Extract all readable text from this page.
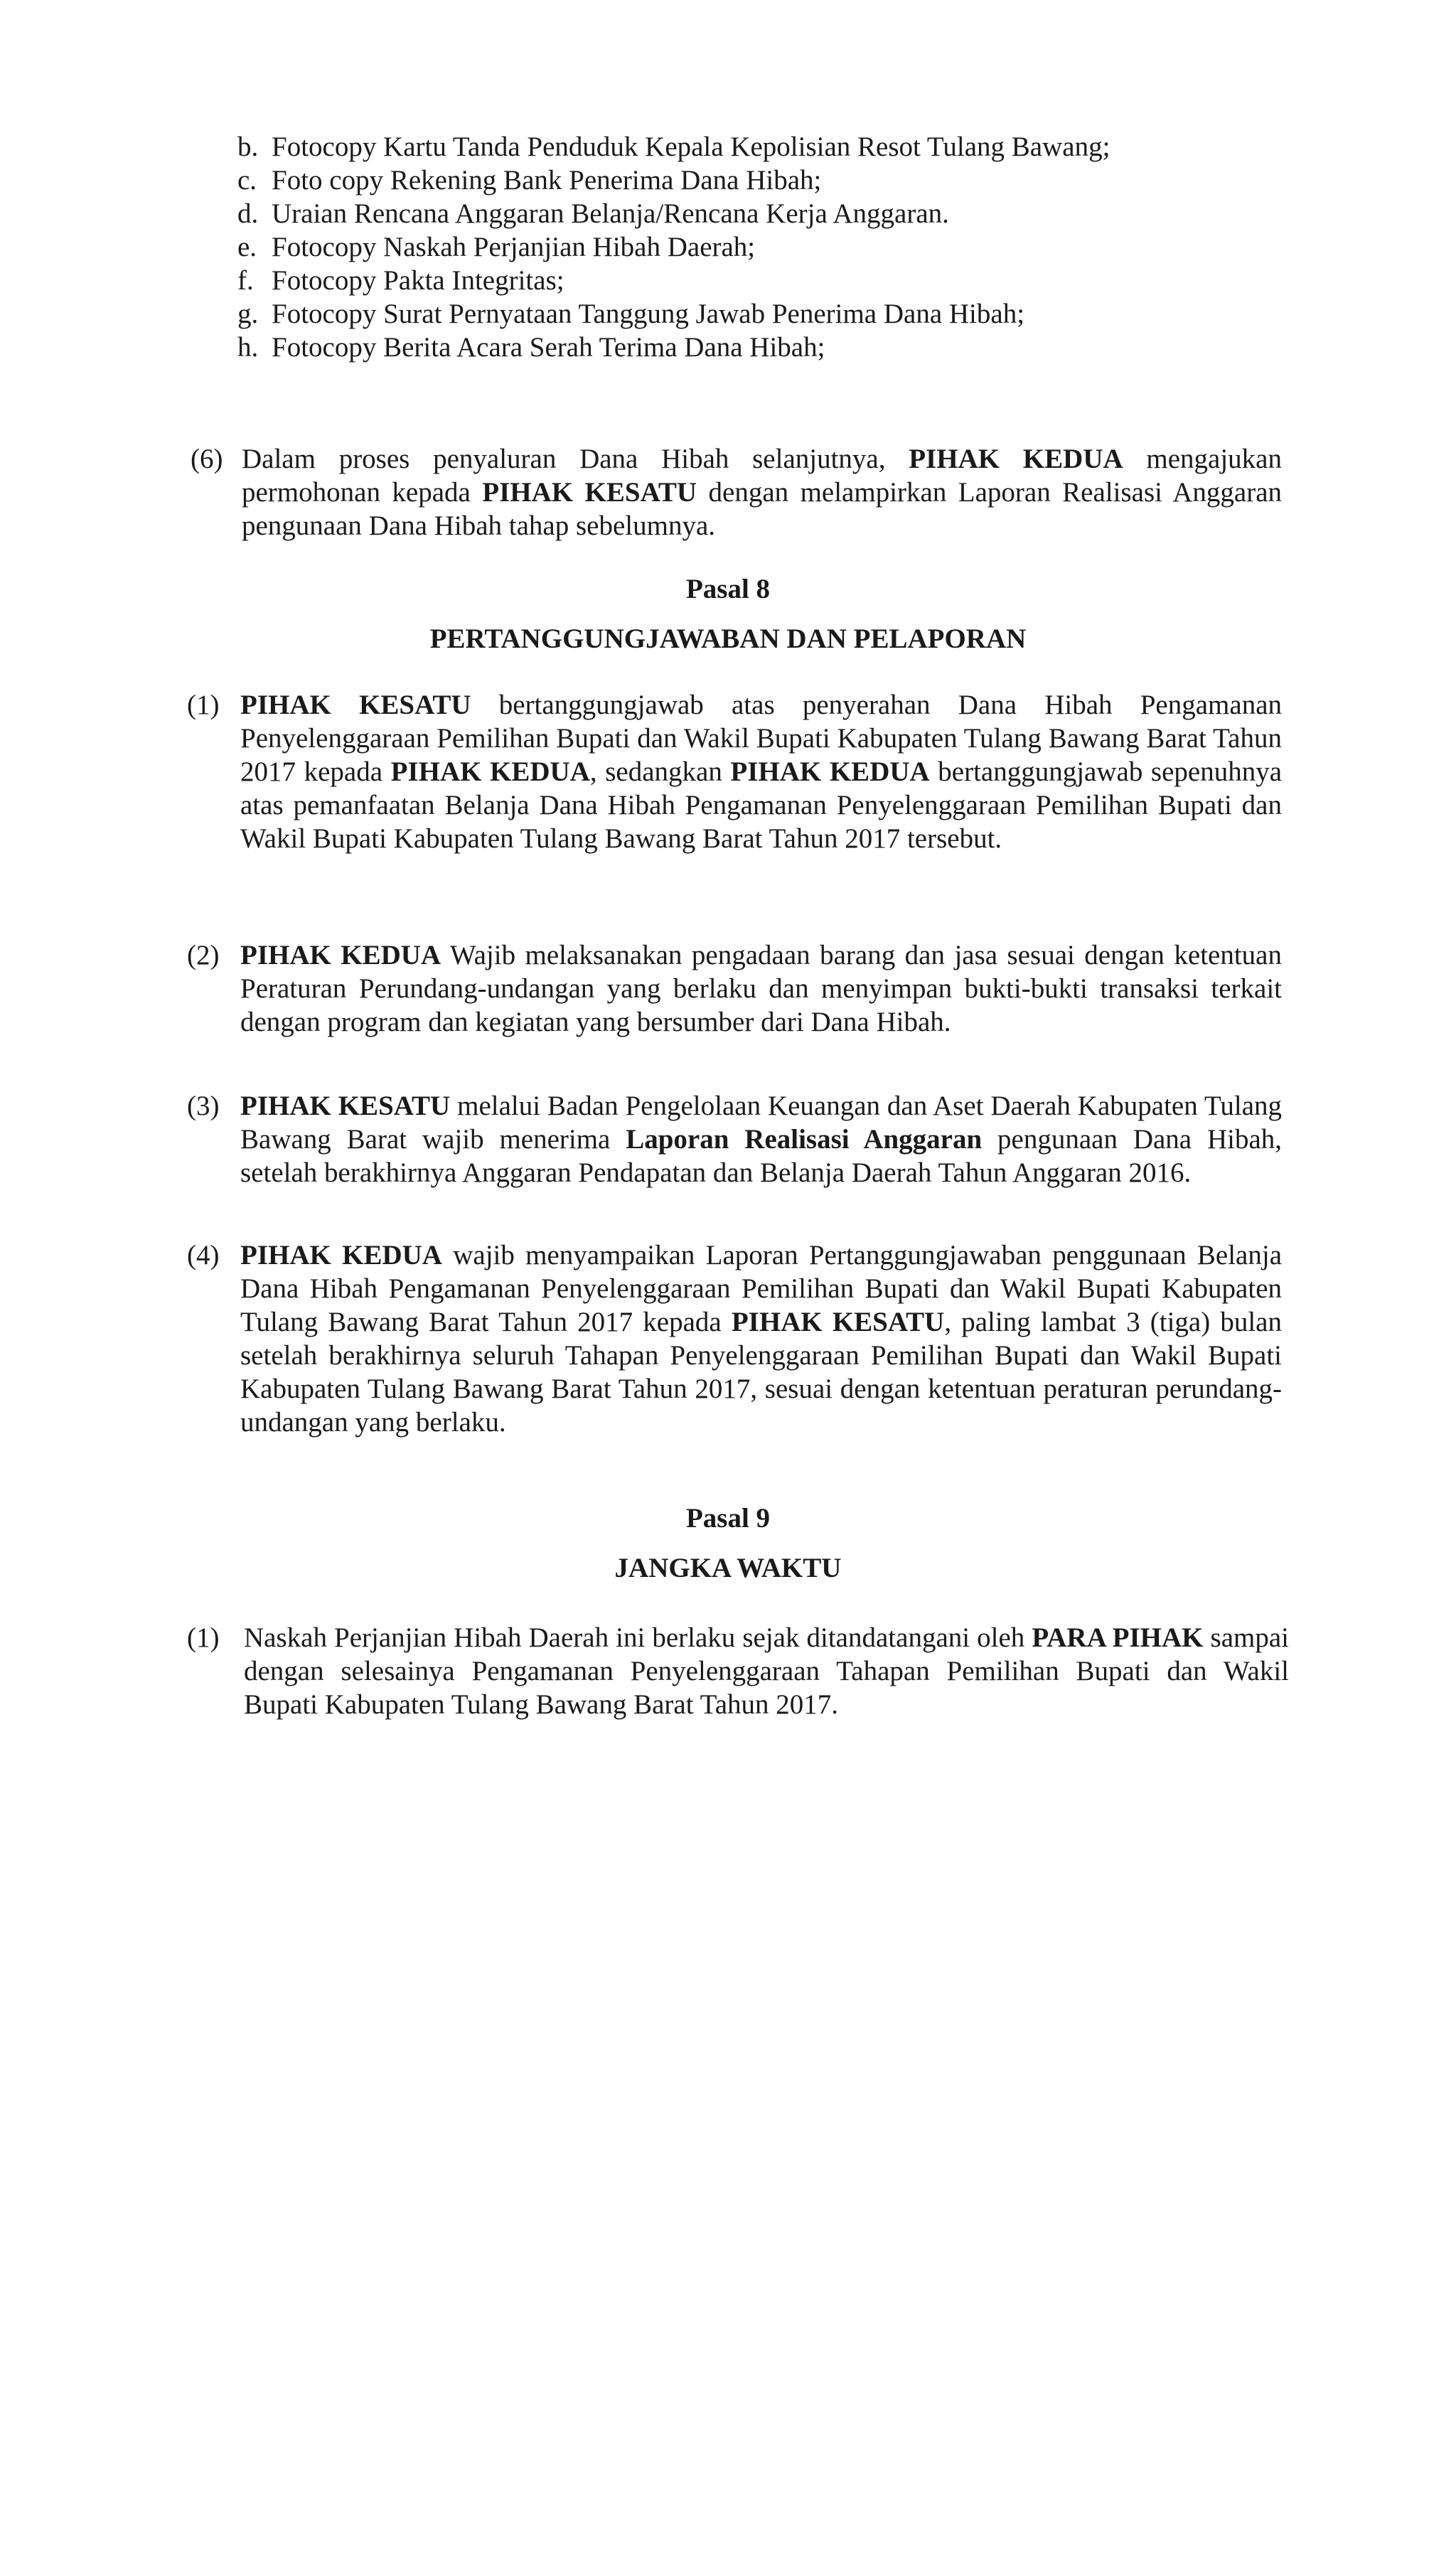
b. Fotocopy Kartu Tanda Penduduk Kepala Kepolisian Resot Tulang Bawang;
c. Foto copy Rekening Bank Penerima Dana Hibah;
d. Uraian Rencana Anggaran Belanja/Rencana Kerja Anggaran.
e. Fotocopy Naskah Perjanjian Hibah Daerah;
f. Fotocopy Pakta Integritas;
g. Fotocopy Surat Pernyataan Tanggung Jawab Penerima Dana Hibah;
h. Fotocopy Berita Acara Serah Terima Dana Hibah;
(6) Dalam proses penyaluran Dana Hibah selanjutnya, PIHAK KEDUA mengajukan permohonan kepada PIHAK KESATU dengan melampirkan Laporan Realisasi Anggaran pengunaan Dana Hibah tahap sebelumnya.
Pasal 8
PERTANGGUNGJAWABAN DAN PELAPORAN
(1) PIHAK KESATU bertanggungjawab atas penyerahan Dana Hibah Pengamanan Penyelenggaraan Pemilihan Bupati dan Wakil Bupati Kabupaten Tulang Bawang Barat Tahun 2017 kepada PIHAK KEDUA, sedangkan PIHAK KEDUA bertanggungjawab sepenuhnya atas pemanfaatan Belanja Dana Hibah Pengamanan Penyelenggaraan Pemilihan Bupati dan Wakil Bupati Kabupaten Tulang Bawang Barat Tahun 2017 tersebut.
(2) PIHAK KEDUA Wajib melaksanakan pengadaan barang dan jasa sesuai dengan ketentuan Peraturan Perundang-undangan yang berlaku dan menyimpan bukti-bukti transaksi terkait dengan program dan kegiatan yang bersumber dari Dana Hibah.
(3) PIHAK KESATU melalui Badan Pengelolaan Keuangan dan Aset Daerah Kabupaten Tulang Bawang Barat wajib menerima Laporan Realisasi Anggaran pengunaan Dana Hibah, setelah berakhirnya Anggaran Pendapatan dan Belanja Daerah Tahun Anggaran 2016.
(4) PIHAK KEDUA wajib menyampaikan Laporan Pertanggungjawaban penggunaan Belanja Dana Hibah Pengamanan Penyelenggaraan Pemilihan Bupati dan Wakil Bupati Kabupaten Tulang Bawang Barat Tahun 2017 kepada PIHAK KESATU, paling lambat 3 (tiga) bulan setelah berakhirnya seluruh Tahapan Penyelenggaraan Pemilihan Bupati dan Wakil Bupati Kabupaten Tulang Bawang Barat Tahun 2017, sesuai dengan ketentuan peraturan perundang-undangan yang berlaku.
Pasal 9
JANGKA WAKTU
(1) Naskah Perjanjian Hibah Daerah ini berlaku sejak ditandatangani oleh PARA PIHAK sampai dengan selesainya Pengamanan Penyelenggaraan Tahapan Pemilihan Bupati dan Wakil Bupati Kabupaten Tulang Bawang Barat Tahun 2017.
